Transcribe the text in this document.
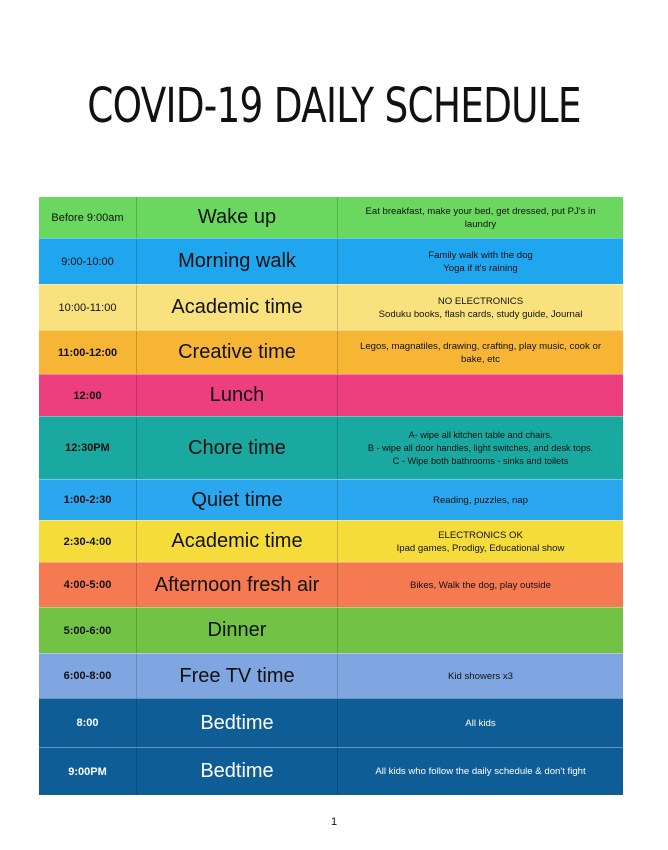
COVID-19 DAILY SCHEDULE
Before 9:00am	Wake up	Eat breakfast, make your bed, get dressed, put PJ's in
laundry
9:00-10:00	Morning walk	Family walk with the dog
Yoga if it's raining
10:00-11:00	Academic time	NO ELECTRONICS
Soduku books, flash cards, study guide, Journal
11:00-12:00	Creative time	Legos, magnatiles, drawing, crafting, play music, cook or
bake, etc
12:00	Lunch
12:30PM	Chore time
A- wipe all kitchen table and chairs.
B - wipe all door handles, light switches, and desk tops.
C - Wipe both bathrooms - sinks and toilets
1:00-2:30	Quiet time	Reading, puzzles, nap
2:30-4:00	Academic time	ELECTRONICS OK
Ipad games, Prodigy, Educational show
4:00-5:00	Afternoon fresh air	Bikes, Walk the dog, play outside
5:00-6:00	Dinner
6:00-8:00	Free TV time	Kid showers x3
8:00	Bedtime	All kids
9:00PM	Bedtime	All kids who follow the daily schedule & don't fight
1
